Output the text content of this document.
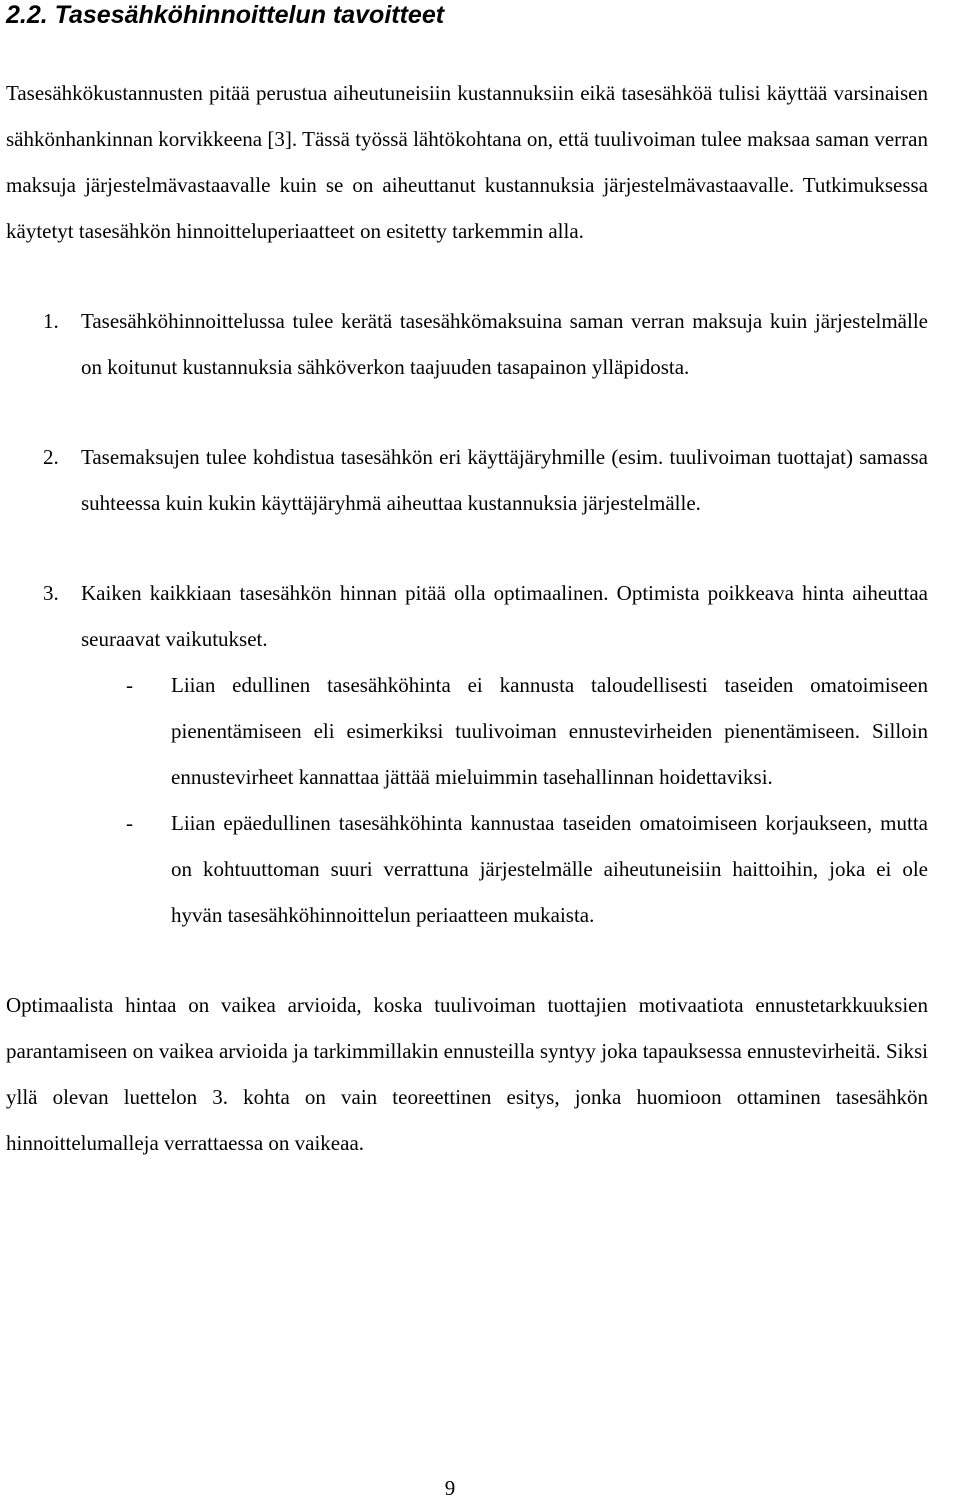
2.2. Tasesähköhinnoittelun tavoitteet

Tasesähkökustannusten pitää perustua aiheutuneisiin kustannuksiin eikä tasesähköä tulisi käyttää varsinaisen sähkönhankinnan korvikkeena [3]. Tässä työssä lähtökohtana on, että tuulivoiman tulee maksaa saman verran maksuja järjestelmävastaavalle kuin se on aiheuttanut kustannuksia järjestelmävastaavalle. Tutkimuksessa käytetyt tasesähkön hinnoitteluperiaatteet on esitetty tarkemmin alla.

1. Tasesähköhinnoittelussa tulee kerätä tasesähkömaksuina saman verran maksuja kuin järjestelmälle on koitunut kustannuksia sähköverkon taajuuden tasapainon ylläpidosta.

2. Tasemaksujen tulee kohdistua tasesähkön eri käyttäjäryhmille (esim. tuulivoiman tuottajat) samassa suhteessa kuin kukin käyttäjäryhmä aiheuttaa kustannuksia järjestelmälle.

3. Kaiken kaikkiaan tasesähkön hinnan pitää olla optimaalinen. Optimista poikkeava hinta aiheuttaa seuraavat vaikutukset.

- Liian edullinen tasesähköhinta ei kannusta taloudellisesti taseiden omatoimiseen pienentämiseen eli esimerkiksi tuulivoiman ennustevirheiden pienentämiseen. Silloin ennustevirheet kannattaa jättää mieluimmin tasehallinnan hoidettaviksi.

- Liian epäedullinen tasesähköhinta kannustaa taseiden omatoimiseen korjaukseen, mutta on kohtuuttoman suuri verrattuna järjestelmälle aiheutuneisiin haittoihin, joka ei ole hyvän tasesähköhinnoittelun periaatteen mukaista.

Optimaalista hintaa on vaikea arvioida, koska tuulivoiman tuottajien motivaatiota ennustetarkkuuksien parantamiseen on vaikea arvioida ja tarkimmillakin ennusteilla syntyy joka tapauksessa ennustevirheitä. Siksi yllä olevan luettelon 3. kohta on vain teoreettinen esitys, jonka huomioon ottaminen tasesähkön hinnoittelumalleja verrattaessa on vaikeaa.

9
